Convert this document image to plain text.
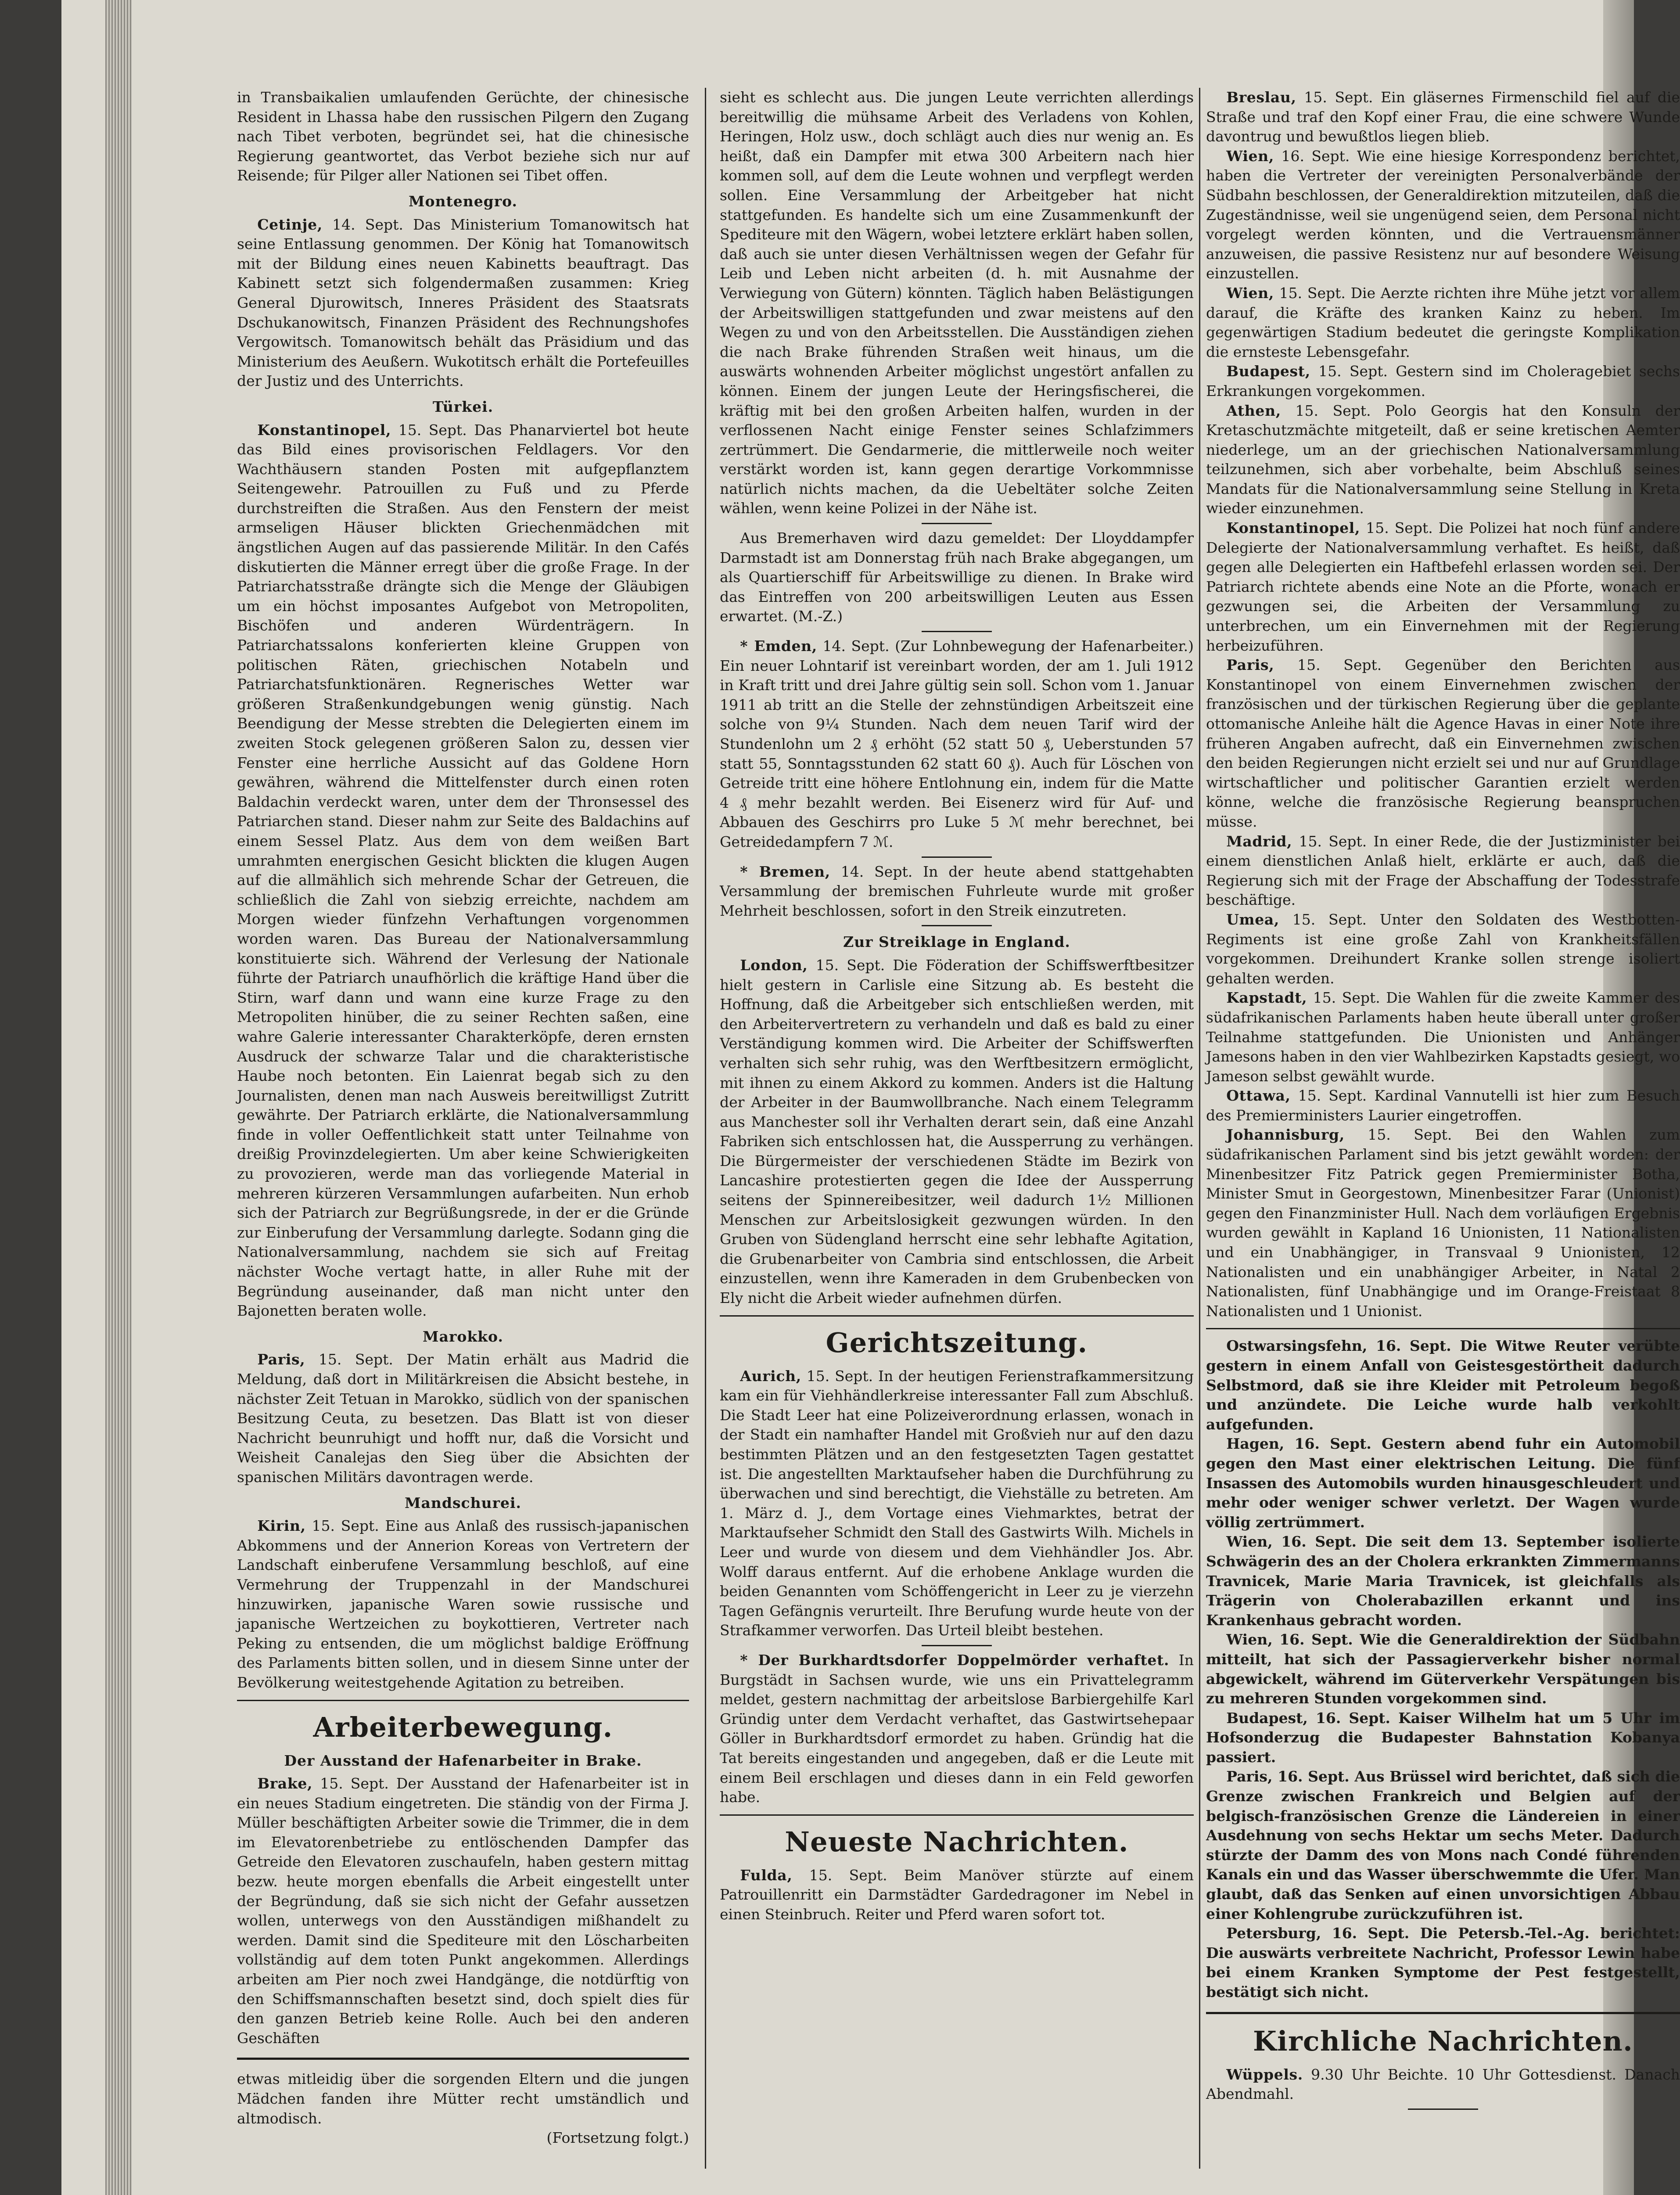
in Transbaikalien umlaufenden Gerüchte, der chinesische Resident in Lhassa habe den russischen Pilgern den Zugang nach Tibet verboten, begründet sei, hat die chinesische Regierung geantwortet, das Verbot beziehe sich nur auf Reisende; für Pilger aller Nationen sei Tibet offen.

Montenegro.

Cetinje, 14. Sept. Das Ministerium Tomanowitsch hat seine Entlassung genommen. Der König hat Tomanowitsch mit der Bildung eines neuen Kabinetts beauftragt. Das Kabinett setzt sich folgendermaßen zusammen: Krieg General Djurowitsch, Inneres Präsident des Staatsrats Dschukanowitsch, Finanzen Präsident des Rechnungshofes Vergowitsch. Tomanowitsch behält das Präsidium und das Ministerium des Aeußern. Wukotitsch erhält die Portefeuilles der Justiz und des Unterrichts.

Türkei.

Konstantinopel, 15. Sept. Das Phanarviertel bot heute das Bild eines provisorischen Feldlagers. Vor den Wachthäusern standen Posten mit aufgepflanztem Seitengewehr. Patrouillen zu Fuß und zu Pferde durchstreiften die Straßen. Aus den Fenstern der meist armseligen Häuser blickten Griechenmädchen mit ängstlichen Augen auf das passierende Militär. In den Cafés diskutierten die Männer erregt über die große Frage. In der Patriarchatsstraße drängte sich die Menge der Gläubigen um ein höchst imposantes Aufgebot von Metropoliten, Bischöfen und anderen Würdenträgern. In Patriarchatssalons konferierten kleine Gruppen von politischen Räten, griechischen Notabeln und Patriarchatsfunktionären. Regnerisches Wetter war größeren Straßenkundgebungen wenig günstig. Nach Beendigung der Messe strebten die Delegierten einem im zweiten Stock gelegenen größeren Salon zu, dessen vier Fenster eine herrliche Aussicht auf das Goldene Horn gewähren, während die Mittelfenster durch einen roten Baldachin verdeckt waren, unter dem der Thronsessel des Patriarchen stand. Dieser nahm zur Seite des Baldachins auf einem Sessel Platz. Aus dem von dem weißen Bart umrahmten energischen Gesicht blickten die klugen Augen auf die allmählich sich mehrende Schar der Getreuen, die schließlich die Zahl von siebzig erreichte, nachdem am Morgen wieder fünfzehn Verhaftungen vorgenommen worden waren. Das Bureau der Nationalversammlung konstituierte sich. Während der Verlesung der Nationale führte der Patriarch unaufhörlich die kräftige Hand über die Stirn, warf dann und wann eine kurze Frage zu den Metropoliten hinüber, die zu seiner Rechten saßen, eine wahre Galerie interessanter Charakterköpfe, deren ernsten Ausdruck der schwarze Talar und die charakteristische Haube noch betonten. Ein Laienrat begab sich zu den Journalisten, denen man nach Ausweis bereitwilligst Zutritt gewährte. Der Patriarch erklärte, die Nationalversammlung finde in voller Oeffentlichkeit statt unter Teilnahme von dreißig Provinzdelegierten. Um aber keine Schwierigkeiten zu provozieren, werde man das vorliegende Material in mehreren kürzeren Versammlungen aufarbeiten. Nun erhob sich der Patriarch zur Begrüßungsrede, in der er die Gründe zur Einberufung der Versammlung darlegte. Sodann ging die Nationalversammlung, nachdem sie sich auf Freitag nächster Woche vertagt hatte, in aller Ruhe mit der Begründung auseinander, daß man nicht unter den Bajonetten beraten wolle.

Marokko.

Paris, 15. Sept. Der Matin erhält aus Madrid die Meldung, daß dort in Militärkreisen die Absicht bestehe, in nächster Zeit Tetuan in Marokko, südlich von der spanischen Besitzung Ceuta, zu besetzen. Das Blatt ist von dieser Nachricht beunruhigt und hofft nur, daß die Vorsicht und Weisheit Canalejas den Sieg über die Absichten der spanischen Militärs davontragen werde.

Mandschurei.

Kirin, 15. Sept. Eine aus Anlaß des russisch-japanischen Abkommens und der Annerion Koreas von Vertretern der Landschaft einberufene Versammlung beschloß, auf eine Vermehrung der Truppenzahl in der Mandschurei hinzuwirken, japanische Waren sowie russische und japanische Wertzeichen zu boykottieren, Vertreter nach Peking zu entsenden, die um möglichst baldige Eröffnung des Parlaments bitten sollen, und in diesem Sinne unter der Bevölkerung weitestgehende Agitation zu betreiben.

Arbeiterbewegung.
Der Ausstand der Hafenarbeiter in Brake.

Brake, 15. Sept. Der Ausstand der Hafenarbeiter ist in ein neues Stadium eingetreten. Die ständig von der Firma J. Müller beschäftigten Arbeiter sowie die Trimmer, die in dem im Elevatorenbetriebe zu entlöschenden Dampfer das Getreide den Elevatoren zuschaufeln, haben gestern mittag bezw. heute morgen ebenfalls die Arbeit eingestellt unter der Begründung, daß sie sich nicht der Gefahr aussetzen wollen, unterwegs von den Ausständigen mißhandelt zu werden. Damit sind die Spediteure mit den Löscharbeiten vollständig auf dem toten Punkt angekommen. Allerdings arbeiten am Pier noch zwei Handgänge, die notdürftig von den Schiffsmannschaften besetzt sind, doch spielt dies für den ganzen Betrieb keine Rolle. Auch bei den anderen Geschäften

etwas mitleidig über die sorgenden Eltern und die jungen Mädchen fanden ihre Mütter recht umständlich und altmodisch.

(Fortsetzung folgt.)

sieht es schlecht aus. Die jungen Leute verrichten allerdings bereitwillig die mühsame Arbeit des Verladens von Kohlen, Heringen, Holz usw., doch schlägt auch dies nur wenig an. Es heißt, daß ein Dampfer mit etwa 300 Arbeitern nach hier kommen soll, auf dem die Leute wohnen und verpflegt werden sollen. Eine Versammlung der Arbeitgeber hat nicht stattgefunden. Es handelte sich um eine Zusammenkunft der Spediteure mit den Wägern, wobei letztere erklärt haben sollen, daß auch sie unter diesen Verhältnissen wegen der Gefahr für Leib und Leben nicht arbeiten (d. h. mit Ausnahme der Verwiegung von Gütern) könnten. Täglich haben Belästigungen der Arbeitswilligen stattgefunden und zwar meistens auf den Wegen zu und von den Arbeitsstellen. Die Ausständigen ziehen die nach Brake führenden Straßen weit hinaus, um die auswärts wohnenden Arbeiter möglichst ungestört anfallen zu können. Einem der jungen Leute der Heringsfischerei, die kräftig mit bei den großen Arbeiten halfen, wurden in der verflossenen Nacht einige Fenster seines Schlafzimmers zertrümmert. Die Gendarmerie, die mittlerweile noch weiter verstärkt worden ist, kann gegen derartige Vorkommnisse natürlich nichts machen, da die Uebeltäter solche Zeiten wählen, wenn keine Polizei in der Nähe ist.

Aus Bremerhaven wird dazu gemeldet: Der Lloyddampfer Darmstadt ist am Donnerstag früh nach Brake abgegangen, um als Quartierschiff für Arbeitswillige zu dienen. In Brake wird das Eintreffen von 200 arbeitswilligen Leuten aus Essen erwartet. (M.-Z.)

* Emden, 14. Sept. (Zur Lohnbewegung der Hafenarbeiter.) Ein neuer Lohntarif ist vereinbart worden, der am 1. Juli 1912 in Kraft tritt und drei Jahre gültig sein soll. Schon vom 1. Januar 1911 ab tritt an die Stelle der zehnstündigen Arbeitszeit eine solche von 9¼ Stunden. Nach dem neuen Tarif wird der Stundenlohn um 2 ₰ erhöht (52 statt 50 ₰, Ueberstunden 57 statt 55, Sonntagsstunden 62 statt 60 ₰). Auch für Löschen von Getreide tritt eine höhere Entlohnung ein, indem für die Matte 4 ₰ mehr bezahlt werden. Bei Eisenerz wird für Auf- und Abbauen des Geschirrs pro Luke 5 ℳ mehr berechnet, bei Getreidedampfern 7 ℳ.

* Bremen, 14. Sept. In der heute abend stattgehabten Versammlung der bremischen Fuhrleute wurde mit großer Mehrheit beschlossen, sofort in den Streik einzutreten.

Zur Streiklage in England.

London, 15. Sept. Die Föderation der Schiffswerftbesitzer hielt gestern in Carlisle eine Sitzung ab. Es besteht die Hoffnung, daß die Arbeitgeber sich entschließen werden, mit den Arbeitervertretern zu verhandeln und daß es bald zu einer Verständigung kommen wird. Die Arbeiter der Schiffswerften verhalten sich sehr ruhig, was den Werftbesitzern ermöglicht, mit ihnen zu einem Akkord zu kommen. Anders ist die Haltung der Arbeiter in der Baumwollbranche. Nach einem Telegramm aus Manchester soll ihr Verhalten derart sein, daß eine Anzahl Fabriken sich entschlossen hat, die Aussperrung zu verhängen. Die Bürgermeister der verschiedenen Städte im Bezirk von Lancashire protestierten gegen die Idee der Aussperrung seitens der Spinnereibesitzer, weil dadurch 1½ Millionen Menschen zur Arbeitslosigkeit gezwungen würden. In den Gruben von Südengland herrscht eine sehr lebhafte Agitation, die Grubenarbeiter von Cambria sind entschlossen, die Arbeit einzustellen, wenn ihre Kameraden in dem Grubenbecken von Ely nicht die Arbeit wieder aufnehmen dürfen.

Gerichtszeitung.

Aurich, 15. Sept. In der heutigen Ferienstrafkammersitzung kam ein für Viehhändlerkreise interessanter Fall zum Abschluß. Die Stadt Leer hat eine Polizeiverordnung erlassen, wonach in der Stadt ein namhafter Handel mit Großvieh nur auf den dazu bestimmten Plätzen und an den festgesetzten Tagen gestattet ist. Die angestellten Marktaufseher haben die Durchführung zu überwachen und sind berechtigt, die Viehställe zu betreten. Am 1. März d. J., dem Vortage eines Viehmarktes, betrat der Marktaufseher Schmidt den Stall des Gastwirts Wilh. Michels in Leer und wurde von diesem und dem Viehhändler Jos. Abr. Wolff daraus entfernt. Auf die erhobene Anklage wurden die beiden Genannten vom Schöffengericht in Leer zu je vierzehn Tagen Gefängnis verurteilt. Ihre Berufung wurde heute von der Strafkammer verworfen. Das Urteil bleibt bestehen.

* Der Burkhardtsdorfer Doppelmörder verhaftet. In Burgstädt in Sachsen wurde, wie uns ein Privattelegramm meldet, gestern nachmittag der arbeitslose Barbiergehilfe Karl Gründig unter dem Verdacht verhaftet, das Gastwirtsehepaar Göller in Burkhardtsdorf ermordet zu haben. Gründig hat die Tat bereits eingestanden und angegeben, daß er die Leute mit einem Beil erschlagen und dieses dann in ein Feld geworfen habe.

Neueste Nachrichten.

Fulda, 15. Sept. Beim Manöver stürzte auf einem Patrouillenritt ein Darmstädter Gardedragoner im Nebel in einen Steinbruch. Reiter und Pferd waren sofort tot.

Breslau, 15. Sept. Ein gläsernes Firmenschild fiel auf die Straße und traf den Kopf einer Frau, die eine schwere Wunde davontrug und bewußtlos liegen blieb.

Wien, 16. Sept. Wie eine hiesige Korrespondenz berichtet, haben die Vertreter der vereinigten Personalverbände der Südbahn beschlossen, der Generaldirektion mitzuteilen, daß die Zugeständnisse, weil sie ungenügend seien, dem Personal nicht vorgelegt werden könnten, und die Vertrauensmänner anzuweisen, die passive Resistenz nur auf besondere Weisung einzustellen.

Wien, 15. Sept. Die Aerzte richten ihre Mühe jetzt vor allem darauf, die Kräfte des kranken Kainz zu heben. Im gegenwärtigen Stadium bedeutet die geringste Komplikation die ernsteste Lebensgefahr.

Budapest, 15. Sept. Gestern sind im Choleragebiet sechs Erkrankungen vorgekommen.

Athen, 15. Sept. Polo Georgis hat den Konsuln der Kretaschutzmächte mitgeteilt, daß er seine kretischen Aemter niederlege, um an der griechischen Nationalversammlung teilzunehmen, sich aber vorbehalte, beim Abschluß seines Mandats für die Nationalversammlung seine Stellung in Kreta wieder einzunehmen.

Konstantinopel, 15. Sept. Die Polizei hat noch fünf andere Delegierte der Nationalversammlung verhaftet. Es heißt, daß gegen alle Delegierten ein Haftbefehl erlassen worden sei. Der Patriarch richtete abends eine Note an die Pforte, wonach er gezwungen sei, die Arbeiten der Versammlung zu unterbrechen, um ein Einvernehmen mit der Regierung herbeizuführen.

Paris, 15. Sept. Gegenüber den Berichten aus Konstantinopel von einem Einvernehmen zwischen der französischen und der türkischen Regierung über die geplante ottomanische Anleihe hält die Agence Havas in einer Note ihre früheren Angaben aufrecht, daß ein Einvernehmen zwischen den beiden Regierungen nicht erzielt sei und nur auf Grundlage wirtschaftlicher und politischer Garantien erzielt werden könne, welche die französische Regierung beanspruchen müsse.

Madrid, 15. Sept. In einer Rede, die der Justizminister bei einem dienstlichen Anlaß hielt, erklärte er auch, daß die Regierung sich mit der Frage der Abschaffung der Todesstrafe beschäftige.

Umea, 15. Sept. Unter den Soldaten des Westbotten-Regiments ist eine große Zahl von Krankheitsfällen vorgekommen. Dreihundert Kranke sollen strenge isoliert gehalten werden.

Kapstadt, 15. Sept. Die Wahlen für die zweite Kammer des südafrikanischen Parlaments haben heute überall unter großer Teilnahme stattgefunden. Die Unionisten und Anhänger Jamesons haben in den vier Wahlbezirken Kapstadts gesiegt, wo Jameson selbst gewählt wurde.

Ottawa, 15. Sept. Kardinal Vannutelli ist hier zum Besuch des Premierministers Laurier eingetroffen.

Johannisburg, 15. Sept. Bei den Wahlen zum südafrikanischen Parlament sind bis jetzt gewählt worden: der Minenbesitzer Fitz Patrick gegen Premierminister Botha, Minister Smut in Georgestown, Minenbesitzer Farar (Unionist) gegen den Finanzminister Hull. Nach dem vorläufigen Ergebnis wurden gewählt in Kapland 16 Unionisten, 11 Nationalisten und ein Unabhängiger, in Transvaal 9 Unionisten, 12 Nationalisten und ein unabhängiger Arbeiter, in Natal 2 Nationalisten, fünf Unabhängige und im Orange-Freistaat 8 Nationalisten und 1 Unionist.

Ostwarsingsfehn, 16. Sept. Die Witwe Reuter verübte gestern in einem Anfall von Geistesgestörtheit dadurch Selbstmord, daß sie ihre Kleider mit Petroleum begoß und anzündete. Die Leiche wurde halb verkohlt aufgefunden.

Hagen, 16. Sept. Gestern abend fuhr ein Automobil gegen den Mast einer elektrischen Leitung. Die fünf Insassen des Automobils wurden hinausgeschleudert und mehr oder weniger schwer verletzt. Der Wagen wurde völlig zertrümmert.

Wien, 16. Sept. Die seit dem 13. September isolierte Schwägerin des an der Cholera erkrankten Zimmermanns Travnicek, Marie Maria Travnicek, ist gleichfalls als Trägerin von Cholerabazillen erkannt und ins Krankenhaus gebracht worden.

Wien, 16. Sept. Wie die Generaldirektion der Südbahn mitteilt, hat sich der Passagierverkehr bisher normal abgewickelt, während im Güterverkehr Verspätungen bis zu mehreren Stunden vorgekommen sind.

Budapest, 16. Sept. Kaiser Wilhelm hat um 5 Uhr im Hofsonderzug die Budapester Bahnstation Kobanya passiert.

Paris, 16. Sept. Aus Brüssel wird berichtet, daß sich die Grenze zwischen Frankreich und Belgien auf der belgisch-französischen Grenze die Ländereien in einer Ausdehnung von sechs Hektar um sechs Meter. Dadurch stürzte der Damm des von Mons nach Condé führenden Kanals ein und das Wasser überschwemmte die Ufer. Man glaubt, daß das Senken auf einen unvorsichtigen Abbau einer Kohlengrube zurückzuführen ist.

Petersburg, 16. Sept. Die Petersb.-Tel.-Ag. berichtet: Die auswärts verbreitete Nachricht, Professor Lewin habe bei einem Kranken Symptome der Pest festgestellt, bestätigt sich nicht.

Kirchliche Nachrichten.

Wüppels. 9.30 Uhr Beichte. 10 Uhr Gottesdienst. Danach Abendmahl.
